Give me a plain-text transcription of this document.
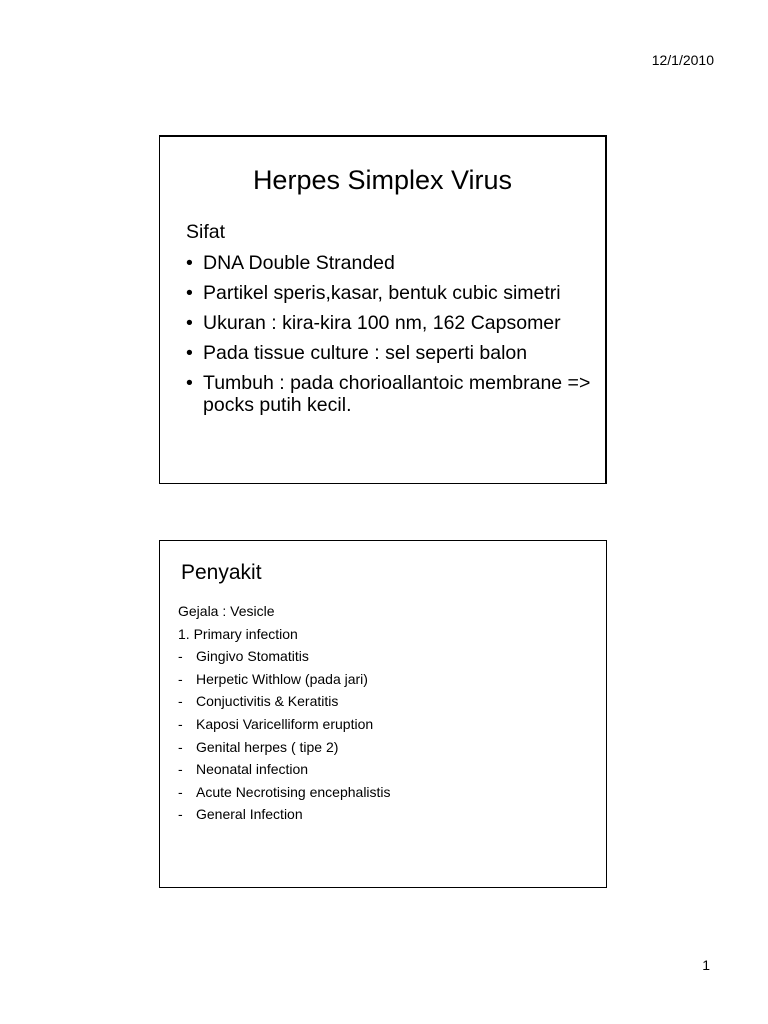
12/1/2010
Herpes Simplex Virus

Sifat

• DNA Double Stranded
• Partikel speris,kasar, bentuk cubic simetri
• Ukuran : kira-kira 100 nm, 162 Capsomer
• Pada tissue culture : sel seperti balon
• Tumbuh : pada chorioallantoic membrane => pocks putih kecil.
Penyakit

Gejala : Vesicle

1. Primary infection

- Gingivo Stomatitis
- Herpetic Withlow (pada jari)
- Conjuctivitis & Keratitis
- Kaposi Varicelliform eruption
- Genital herpes ( tipe 2)
- Neonatal infection
- Acute Necrotising encephalistis
- General Infection
1
